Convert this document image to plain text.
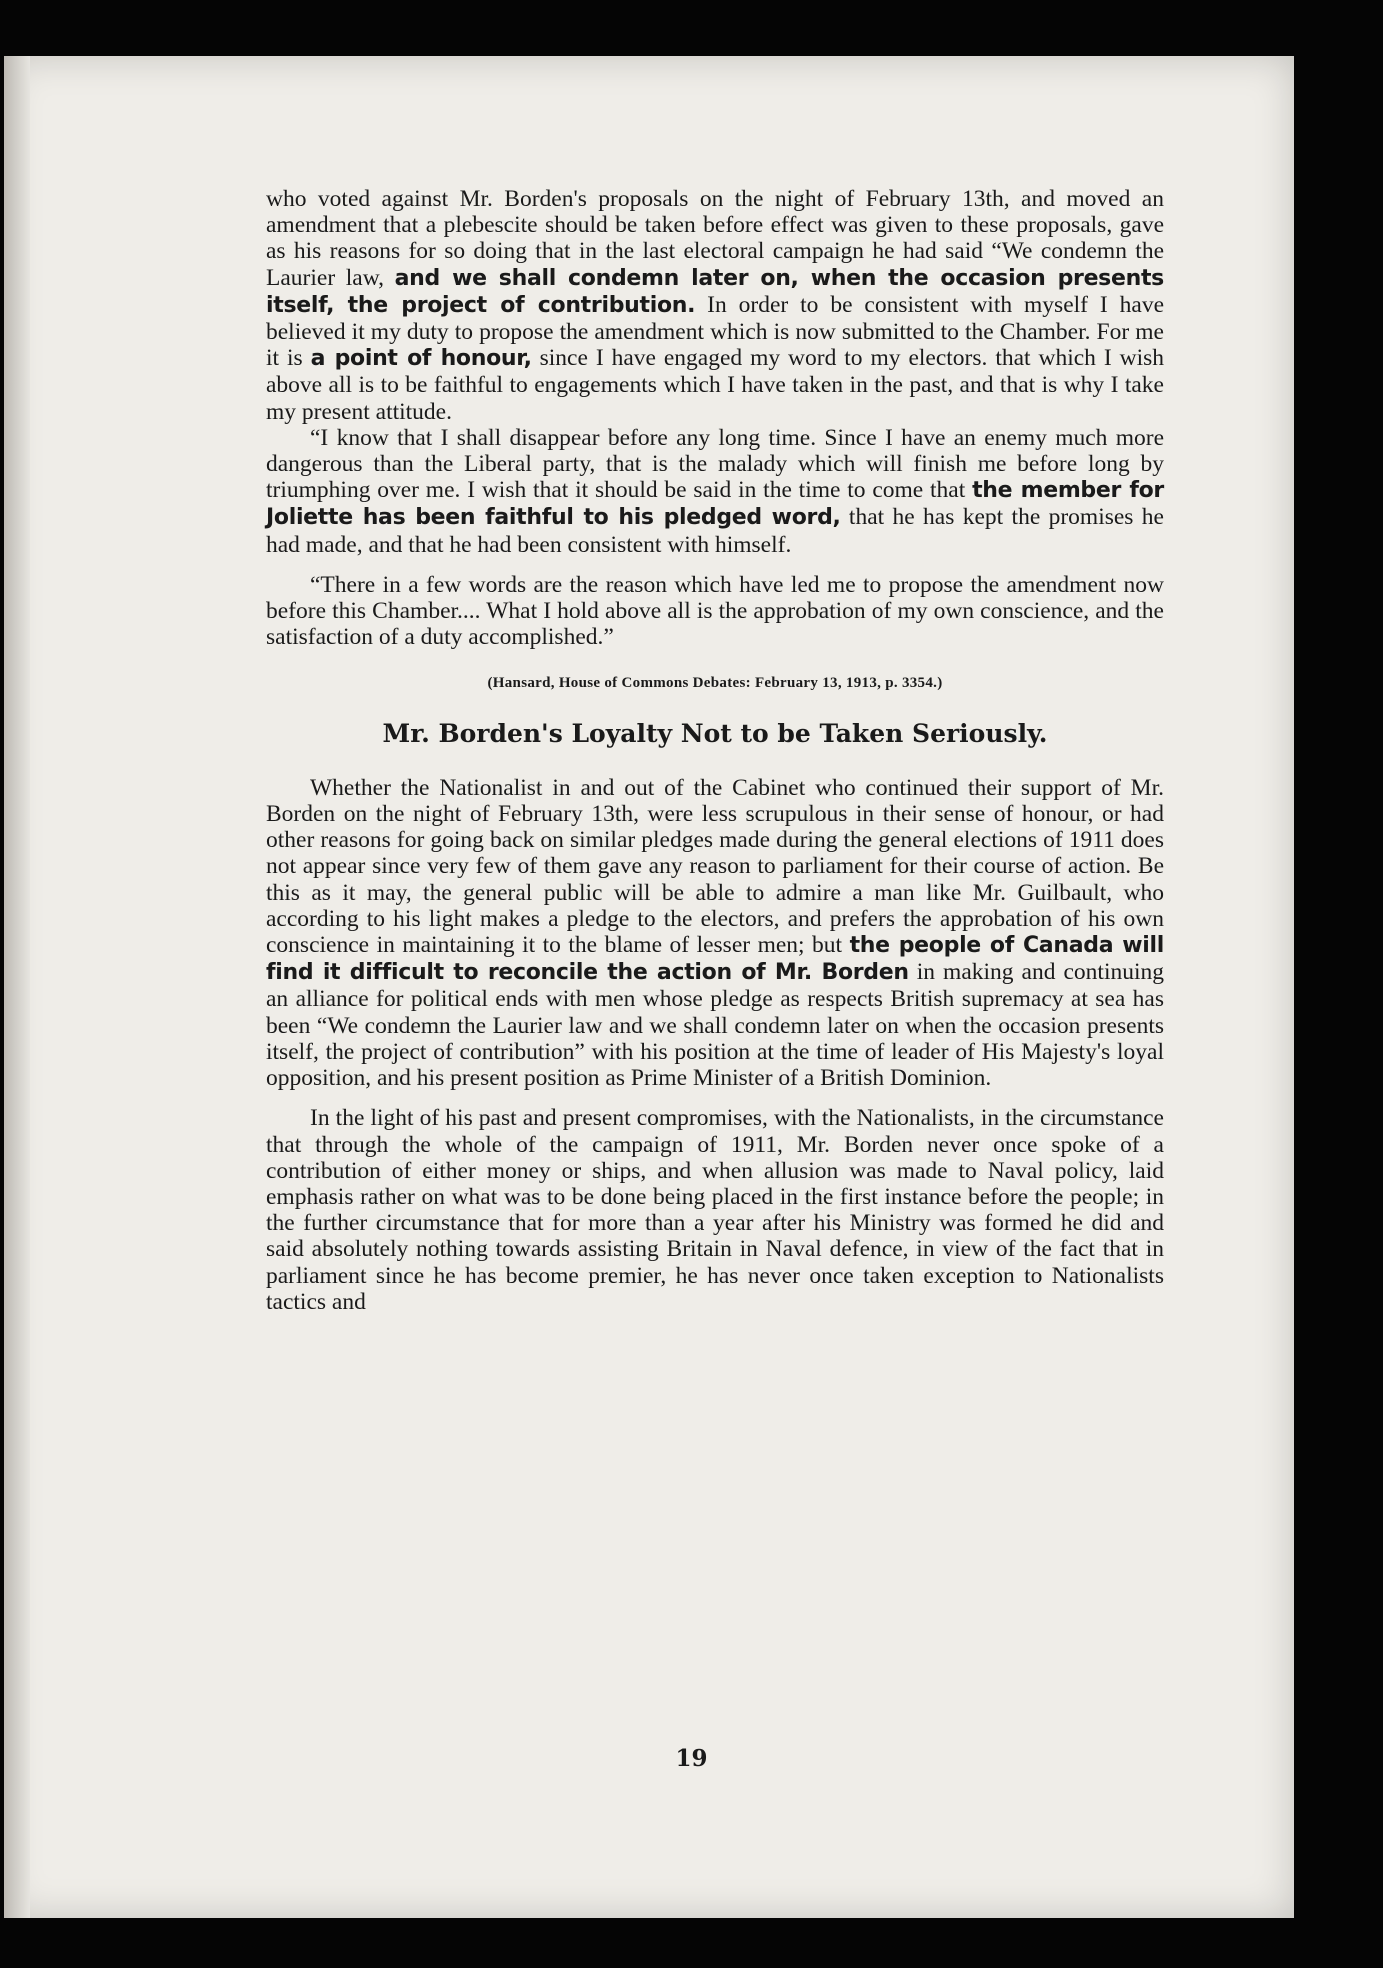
who voted against Mr. Borden's proposals on the night of February 13th, and moved an amendment that a plebescite should be taken before effect was given to these proposals, gave as his reasons for so doing that in the last electoral campaign he had said “We condemn the Laurier law, and we shall condemn later on, when the occasion presents itself, the project of contribution. In order to be consistent with myself I have believed it my duty to propose the amendment which is now submitted to the Chamber. For me it is a point of honour, since I have engaged my word to my electors. that which I wish above all is to be faithful to engagements which I have taken in the past, and that is why I take my present attitude.

“I know that I shall disappear before any long time. Since I have an enemy much more dangerous than the Liberal party, that is the malady which will finish me before long by triumphing over me. I wish that it should be said in the time to come that the member for Joliette has been faithful to his pledged word, that he has kept the promises he had made, and that he had been consistent with himself.

“There in a few words are the reason which have led me to propose the amendment now before this Chamber.... What I hold above all is the approbation of my own conscience, and the satisfaction of a duty accomplished.”

(Hansard, House of Commons Debates: February 13, 1913, p. 3354.)
Mr. Borden's Loyalty Not to be Taken Seriously.

Whether the Nationalist in and out of the Cabinet who continued their support of Mr. Borden on the night of February 13th, were less scrupulous in their sense of honour, or had other reasons for going back on similar pledges made during the general elections of 1911 does not appear since very few of them gave any reason to parliament for their course of action. Be this as it may, the general public will be able to admire a man like Mr. Guilbault, who according to his light makes a pledge to the electors, and prefers the approbation of his own conscience in maintaining it to the blame of lesser men; but the people of Canada will find it difficult to reconcile the action of Mr. Borden in making and continuing an alliance for political ends with men whose pledge as respects British supremacy at sea has been “We condemn the Laurier law and we shall condemn later on when the occasion presents itself, the project of contribution” with his position at the time of leader of His Majesty's loyal opposition, and his present position as Prime Minister of a British Dominion.

In the light of his past and present compromises, with the Nationalists, in the circumstance that through the whole of the campaign of 1911, Mr. Borden never once spoke of a contribution of either money or ships, and when allusion was made to Naval policy, laid emphasis rather on what was to be done being placed in the first instance before the people; in the further circumstance that for more than a year after his Ministry was formed he did and said absolutely nothing towards assisting Britain in Naval defence, in view of the fact that in parliament since he has become premier, he has never once taken exception to Nationalists tactics and

19
